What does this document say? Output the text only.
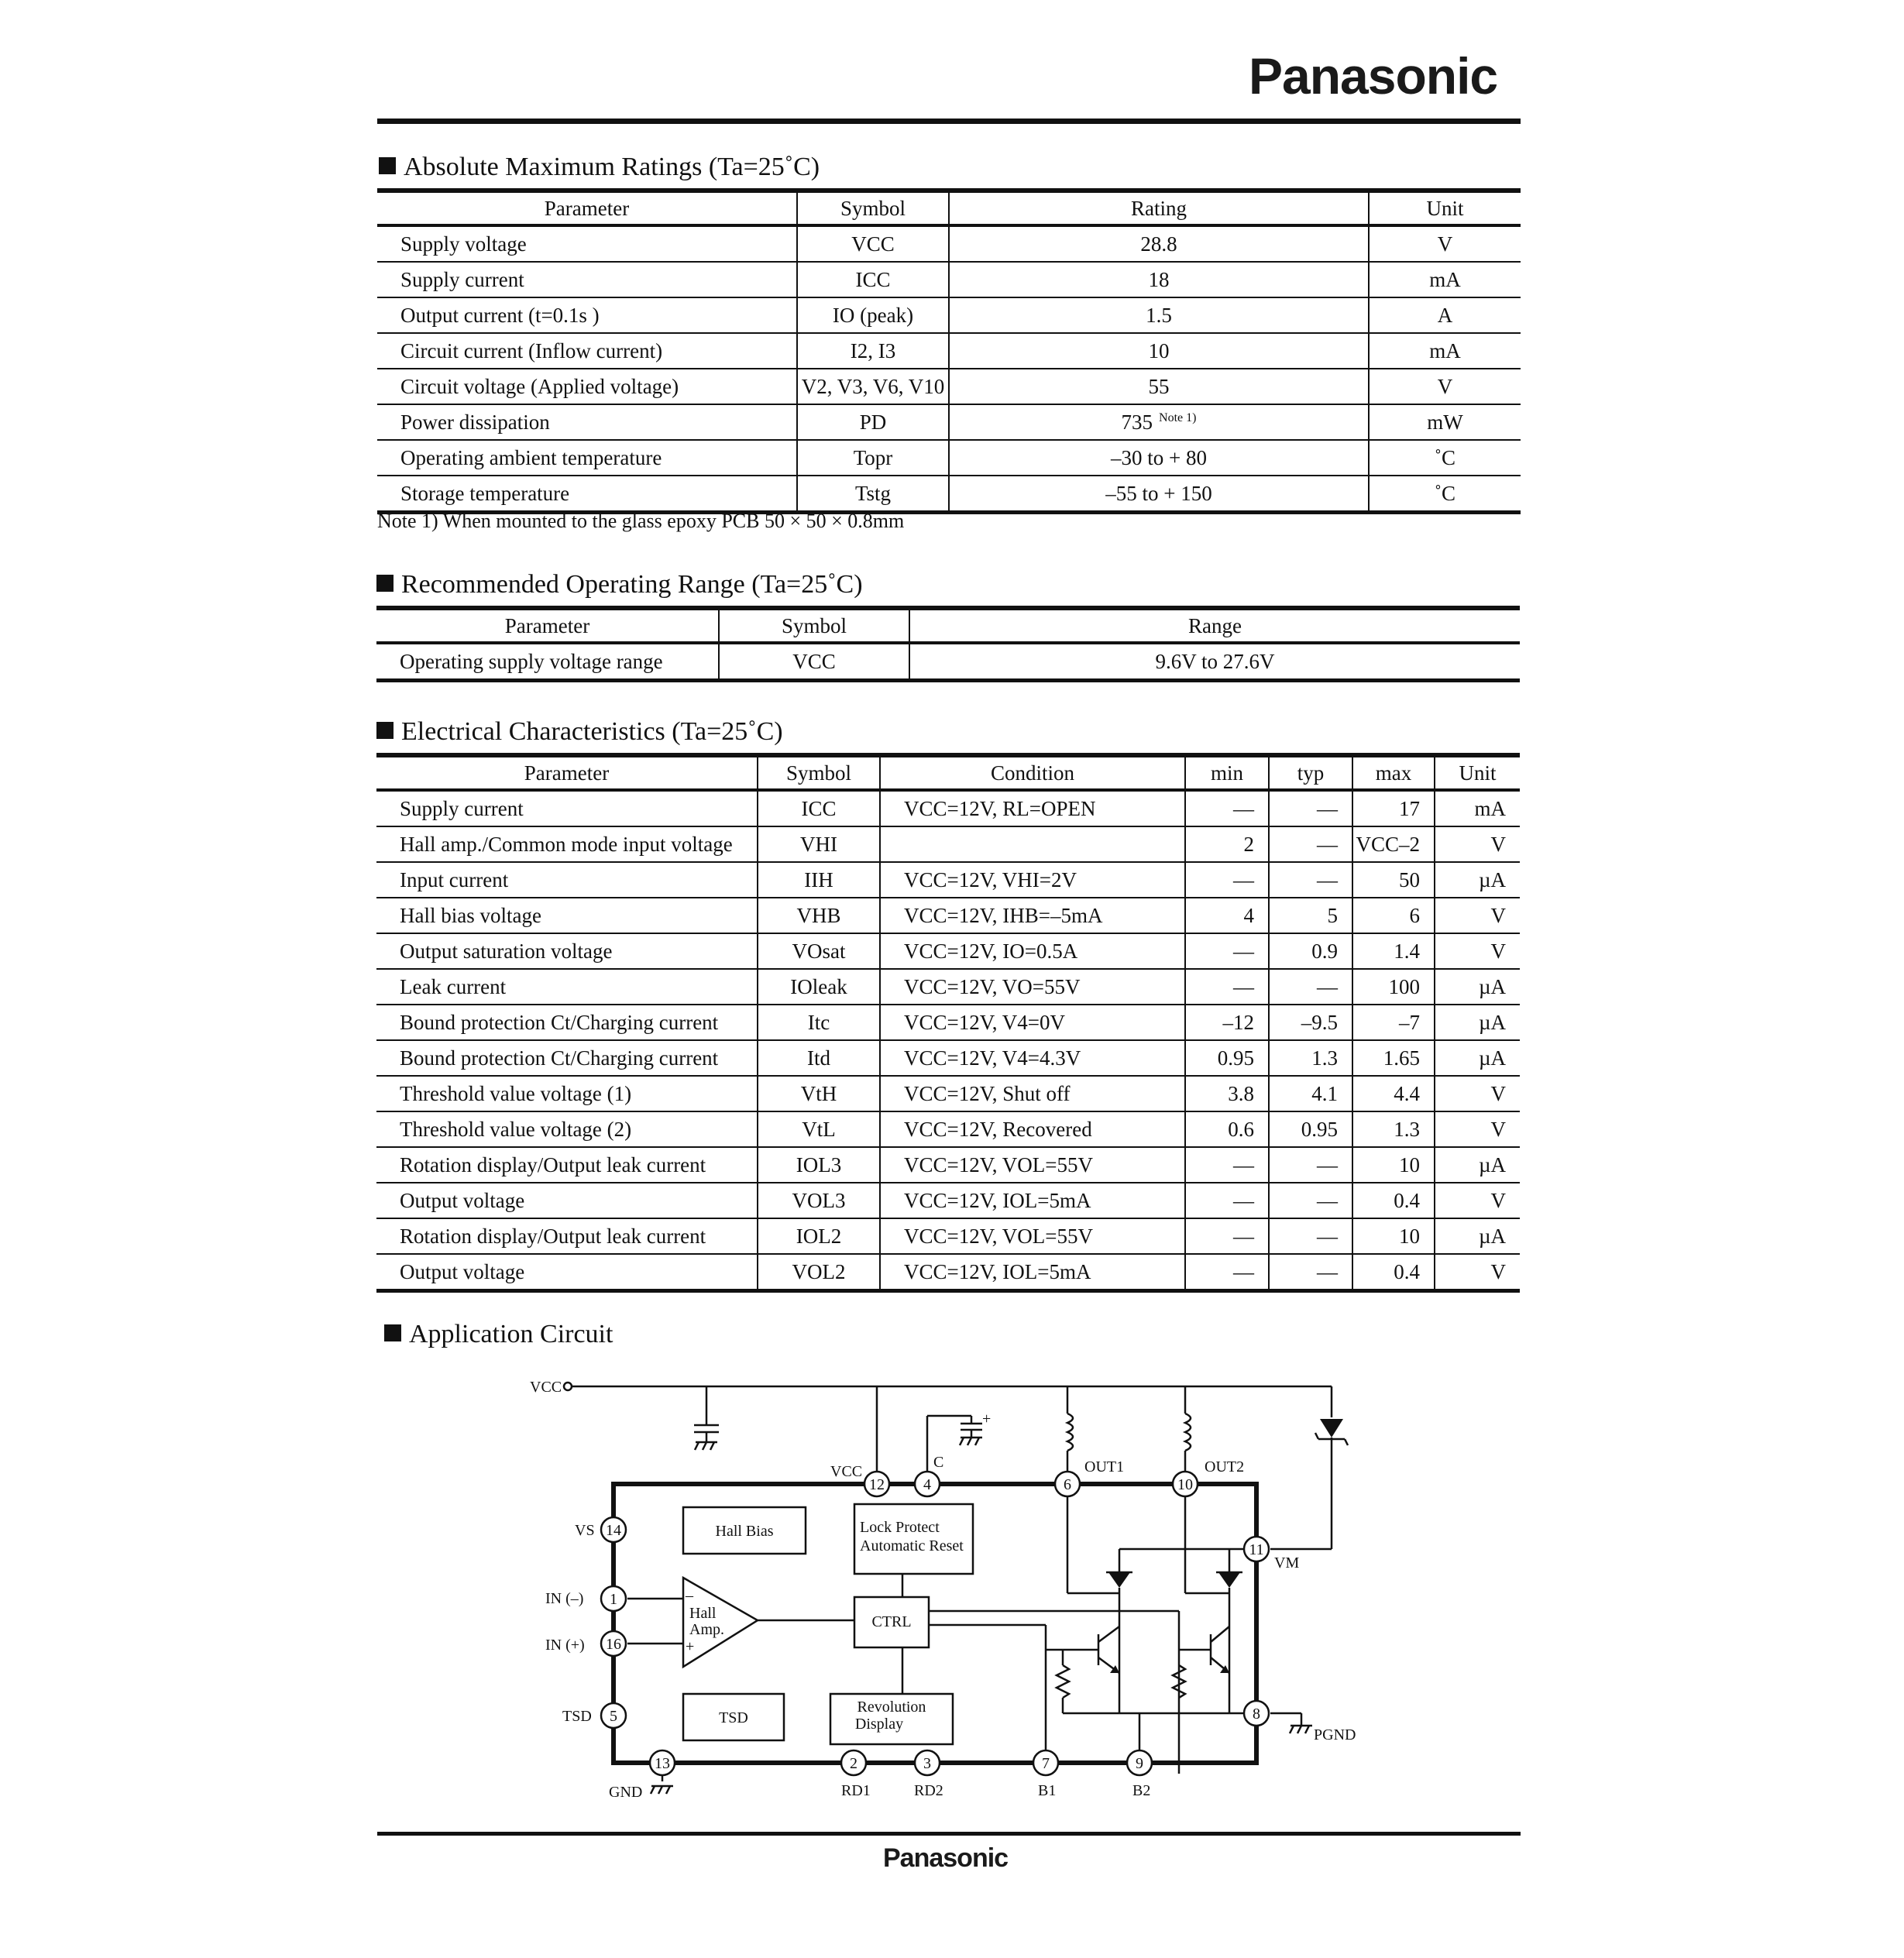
Panasonic
Absolute Maximum Ratings (Ta=25˚C)
Parameter	Symbol	Rating	Unit
Supply voltage	VCC	28.8	V
Supply current	ICC	18	mA
Output current (t=0.1s )	IO (peak)	1.5	A
Circuit current (Inflow current)	I2, I3	10	mA
Circuit voltage (Applied voltage)	V2, V3, V6, V10	55	V
Power dissipation	PD	735 $^{Note 1)}$	mW
Operating ambient temperature	Topr	–30 to + 80	˚C
Storage temperature	Tstg	–55 to + 150	˚C
Note 1) When mounted to the glass epoxy PCB 50 × 50 × 0.8mm
Recommended Operating Range (Ta=25˚C)
Parameter	Symbol	Range
Operating supply voltage range	VCC	9.6V to 27.6V
Electrical Characteristics (Ta=25˚C)
Parameter	Symbol	Condition	min	typ	max	Unit
Supply current	ICC	VCC=12V, RL=OPEN	—	—	17	mA
Hall amp./Common mode input voltage	VHI		2	—	VCC–2	V
Input current	IIH	VCC=12V, VHI=2V	—	—	50	µA
Hall bias voltage	VHB	VCC=12V, IHB=–5mA	4	5	6	V
Output saturation voltage	VOsat	VCC=12V, IO=0.5A	—	0.9	1.4	V
Leak current	IOleak	VCC=12V, VO=55V	—	—	100	µA
Bound protection Ct/Charging current	Itc	VCC=12V, V4=0V	–12	–9.5	–7	µA
Bound protection Ct/Charging current	Itd	VCC=12V, V4=4.3V	0.95	1.3	1.65	µA
Threshold value voltage (1)	VtH	VCC=12V, Shut off	3.8	4.1	4.4	V
Threshold value voltage (2)	VtL	VCC=12V, Recovered	0.6	0.95	1.3	V
Rotation display/Output leak current	IOL3	VCC=12V, VOL=55V	—	—	10	µA
Output voltage	VOL3	VCC=12V, IOL=5mA	—	—	0.4	V
Rotation display/Output leak current	IOL2	VCC=12V, VOL=55V	—	—	10	µA
Output voltage	VOL2	VCC=12V, IOL=5mA	—	—	0.4	V
Application Circuit
12	4	6	10
14
1
16
5
11
8
13	2	3	7	9
VCC
VCC
C	OUT1	OUT2
VS
IN (–)
IN (+)
TSD
VM
PGND
GND	RD1	RD2	B1	B2
+
Hall Bias	Lock Protect
Automatic Reset
CTRL
TSD
Revolution
Display
Hall
Amp.
–
+
Panasonic
